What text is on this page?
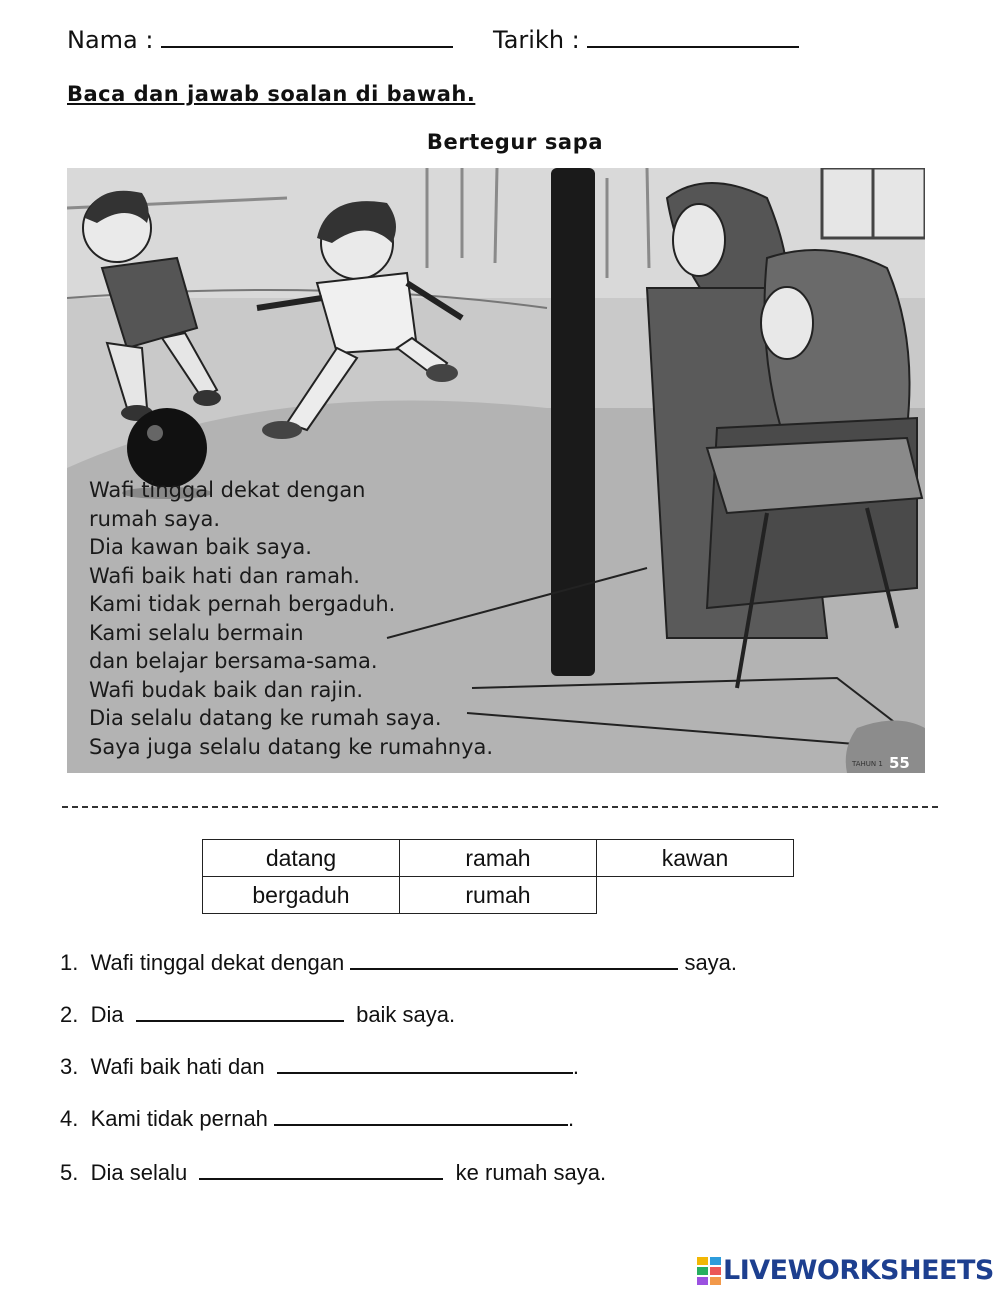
Nama :	Tarikh :
Baca dan jawab soalan di bawah.
Bertegur sapa
55
TAHUN 1
Wafi tinggal dekat dengan
rumah saya.
Dia kawan baik saya.
Wafi baik hati dan ramah.
Kami tidak pernah bergaduh.
Kami selalu bermain
dan belajar bersama-sama.
Wafi budak baik dan rajin.
Dia selalu datang ke rumah saya.
Saya juga selalu datang ke rumahnya.
datang	ramah	kawan
bergaduh	rumah	
1. Wafi tinggal dekat dengan	saya.
2. Dia	baik saya.
3. Wafi baik hati dan	.
4. Kami tidak pernah	.
5. Dia selalu	ke rumah saya.
LIVEWORKSHEETS
